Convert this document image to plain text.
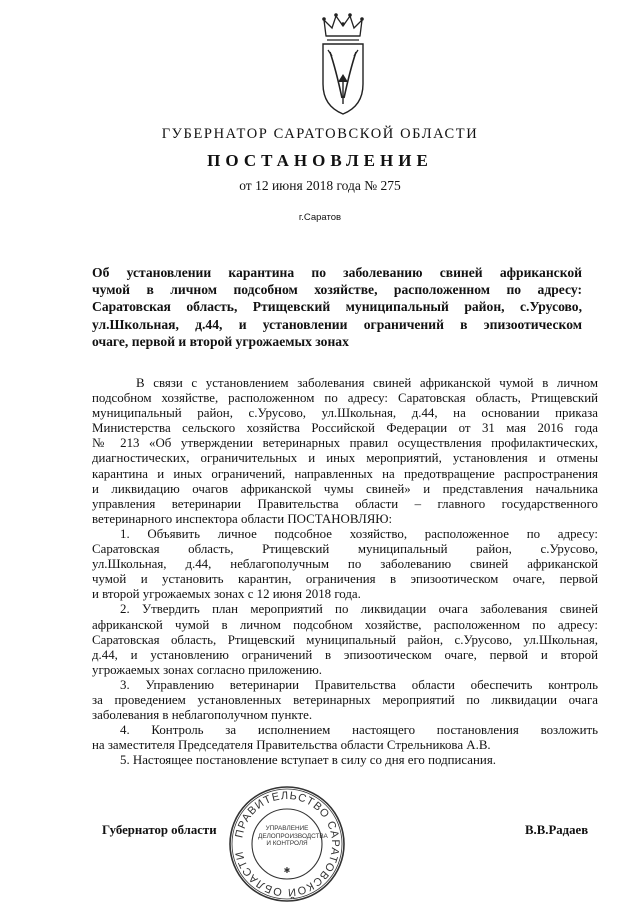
ГУБЕРНАТОР САРАТОВСКОЙ ОБЛАСТИ
ПОСТАНОВЛЕНИЕ
от 12 июня 2018 года № 275
г.Саратов
Об установлении карантина по заболеванию свиней африканской
чумой в личном подсобном хозяйстве, расположенном по адресу:
Саратовская область, Ртищевский муниципальный район, с.Урусово,
ул.Школьная, д.44, и установлении ограничений в эпизоотическом
очаге, первой и второй угрожаемых зонах
В связи с установлением заболевания свиней африканской чумой в личном
подсобном хозяйстве, расположенном по адресу: Саратовская область, Ртищевский
муниципальный район, с.Урусово, ул.Школьная, д.44, на основании приказа
Министерства сельского хозяйства Российской Федерации от 31 мая 2016 года
№ 213 «Об утверждении ветеринарных правил осуществления профилактических,
диагностических, ограничительных и иных мероприятий, установления и отмены
карантина и иных ограничений, направленных на предотвращение распространения
и ликвидацию очагов африканской чумы свиней» и представления начальника
управления ветеринарии Правительства области – главного государственного
ветеринарного инспектора области ПОСТАНОВЛЯЮ:
1. Объявить личное подсобное хозяйство, расположенное по адресу:
Саратовская область, Ртищевский муниципальный район, с.Урусово,
ул.Школьная, д.44, неблагополучным по заболеванию свиней африканской
чумой и установить карантин, ограничения в эпизоотическом очаге, первой
и второй угрожаемых зонах с 12 июня 2018 года.
2. Утвердить план мероприятий по ликвидации очага заболевания свиней
африканской чумой в личном подсобном хозяйстве, расположенном по адресу:
Саратовская область, Ртищевский муниципальный район, с.Урусово, ул.Школьная,
д.44, и установлению ограничений в эпизоотическом очаге, первой и второй
угрожаемых зонах согласно приложению.
3. Управлению ветеринарии Правительства области обеспечить контроль
за проведением установленных ветеринарных мероприятий по ликвидации очага
заболевания в неблагополучном пункте.
4. Контроль за исполнением настоящего постановления возложить
на заместителя Председателя Правительства области Стрельникова А.В.
5. Настоящее постановление вступает в силу со дня его подписания.
Губернатор области	В.В.Радаев
ПРАВИТЕЛЬСТВО САРАТОВСКОЙ ОБЛАСТИ
УПРАВЛЕНИЕ ДЕЛОПРОИЗВОДСТВА И КОНТРОЛЯ
✱
